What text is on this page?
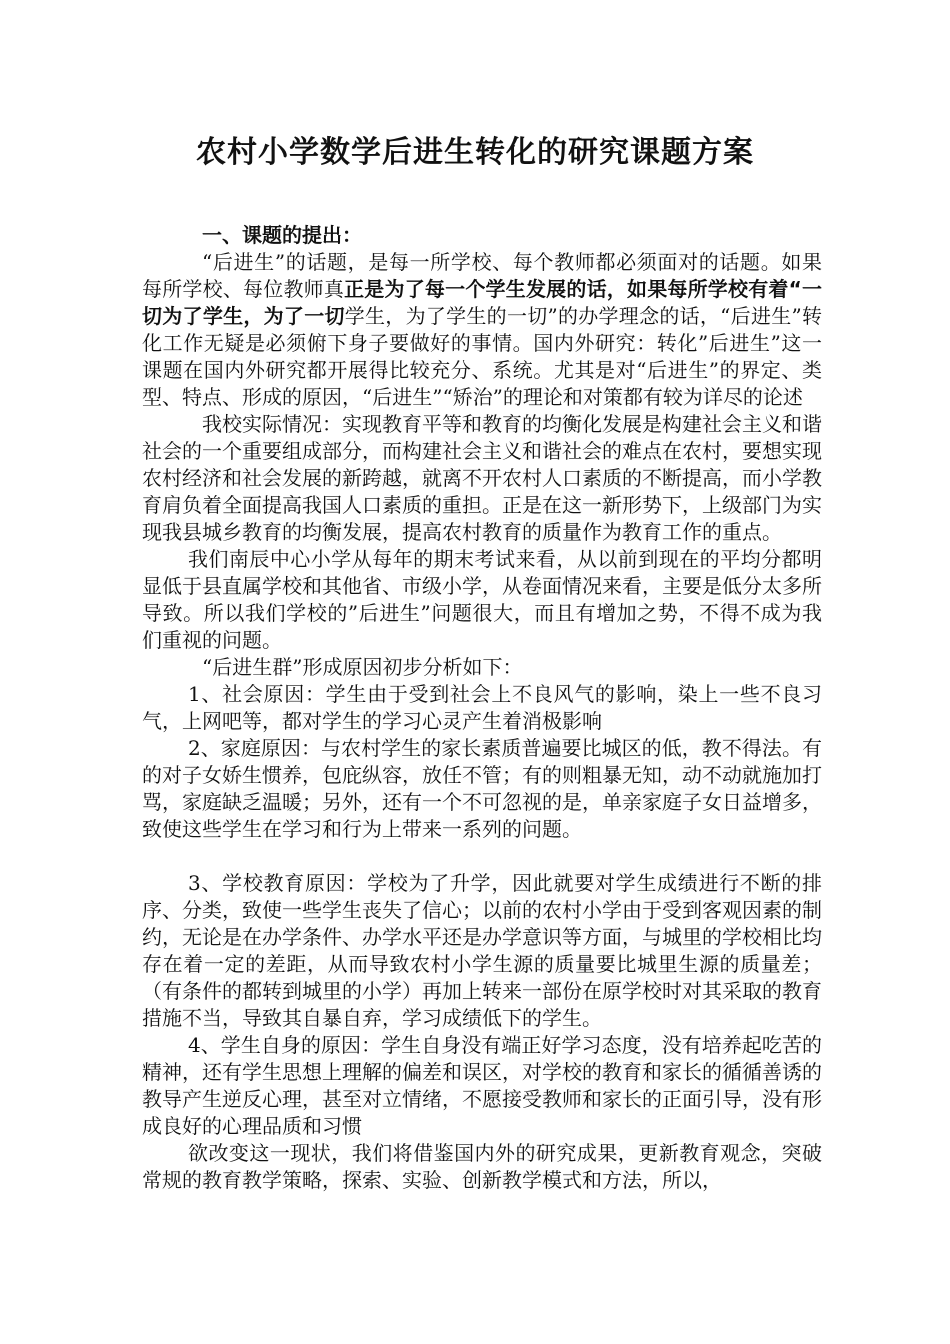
农村小学数学后进生转化的研究课题方案

一、课题的提出：

“后进生”的话题，是每一所学校、每个教师都必须面对的话题。如果每所学校、每位教师真正是为了每一个学生发展的话，如果每所学校有着“一切为了学生，为了一切学生，为了学生的一切”的办学理念的话，“后进生”转化工作无疑是必须俯下身子要做好的事情。国内外研究：转化”后进生”这一课题在国内外研究都开展得比较充分、系统。尤其是对“后进生”的界定、类型、特点、形成的原因，“后进生”“矫治”的理论和对策都有较为详尽的论述

我校实际情况：实现教育平等和教育的均衡化发展是构建社会主义和谐社会的一个重要组成部分，而构建社会主义和谐社会的难点在农村，要想实现农村经济和社会发展的新跨越，就离不开农村人口素质的不断提高，而小学教育肩负着全面提高我国人口素质的重担。正是在这一新形势下，上级部门为实现我县城乡教育的均衡发展，提高农村教育的质量作为教育工作的重点。

我们南辰中心小学从每年的期末考试来看，从以前到现在的平均分都明显低于县直属学校和其他省、市级小学，从卷面情况来看，主要是低分太多所导致。所以我们学校的”后进生”问题很大，而且有增加之势，不得不成为我们重视的问题。

“后进生群”形成原因初步分析如下：

1、社会原因：学生由于受到社会上不良风气的影响，染上一些不良习气，上网吧等，都对学生的学习心灵产生着消极影响

2、家庭原因：与农村学生的家长素质普遍要比城区的低，教不得法。有的对子女娇生惯养，包庇纵容，放任不管；有的则粗暴无知，动不动就施加打骂，家庭缺乏温暖；另外，还有一个不可忽视的是，单亲家庭子女日益增多，致使这些学生在学习和行为上带来一系列的问题。

3、学校教育原因：学校为了升学，因此就要对学生成绩进行不断的排序、分类，致使一些学生丧失了信心；以前的农村小学由于受到客观因素的制约，无论是在办学条件、办学水平还是办学意识等方面，与城里的学校相比均存在着一定的差距，从而导致农村小学生源的质量要比城里生源的质量差；（有条件的都转到城里的小学）再加上转来一部份在原学校时对其采取的教育措施不当，导致其自暴自弃，学习成绩低下的学生。

4、学生自身的原因：学生自身没有端正好学习态度，没有培养起吃苦的精神，还有学生思想上理解的偏差和误区，对学校的教育和家长的循循善诱的教导产生逆反心理，甚至对立情绪，不愿接受教师和家长的正面引导，没有形成良好的心理品质和习惯

欲改变这一现状，我们将借鉴国内外的研究成果，更新教育观念，突破常规的教育教学策略，探索、实验、创新教学模式和方法，所以，
